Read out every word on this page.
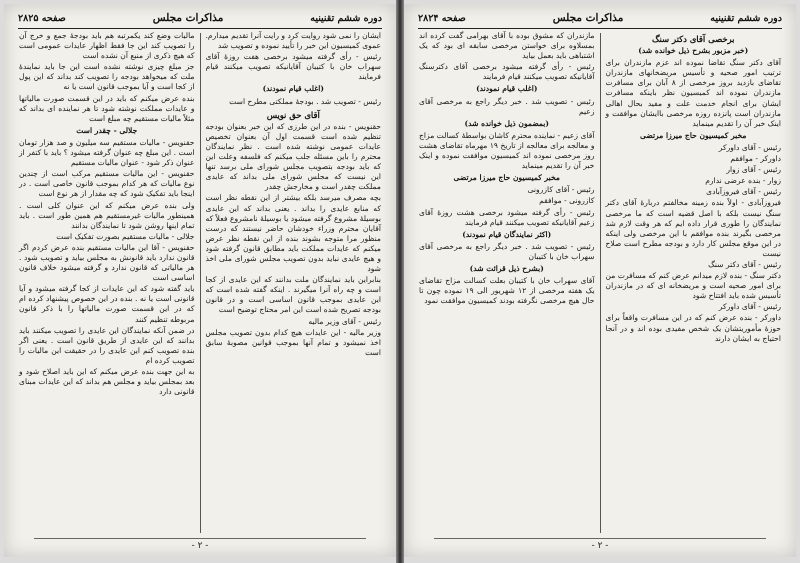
دوره ششم تقنینیه
مذاکرات مجلس
صفحه ۲۸۲۵

ایشان را نمی شود روایت کرد و رایت آنرا تقدیم میدارم. عموی کمیسیون این خبر را تأیید نموده و تصویب شد

رئیس - رأی گرفته میشود برخصی هفت روزهٔ آقای سهراب خان با کتیبان آقایانیکه تصویب میکنند قیام فرمایند

(اغلب قیام نمودند)

رئیس - تصویب شد . بودجهٔ مملکتی مطرح است

آقای حق نویس

حقنویس - بنده در این طرزی که این خبر بعنوان بودجه تنظیم شده است قسمت اول آن بعنوان تخصیص عایدات عمومی نوشته شده است . نظر نمایندگان محترم را باین مسئله جلب میکنم که فلسفه وعلت این که باید بودجه بتصویب مجلس شورای ملی برسد تنها این نیست که مجلس شورای ملی بداند که عایدی مملکت چقدر است و مخارجش چقدر

بچه مصرف میرسد بلکه بیشتر از این نقطه نظر است که منابع عایدی را بداند . یعنی بداند که این عایدی بوسیلهٔ مشروع گرفته میشود یا بوسیلهٔ نامشروع فعلاً که آقایان محترم وزراء خودشان حاضر نیستند که درست منظور مرا متوجه بشوند بنده از این نقطه نظر عرض میکنم که عایدات مملکت باید مطابق قانون گرفته شود و هیچ عایدی نباید بدون تصویب مجلس شورای ملی اخذ شود

بنابراین باید نمایندگان ملت بدانند که این عایدی از کجا است و چه راه آنرا میگیرند . اینکه گفته شده است که این عایدی بموجب قانون اساسی است و در قانون بودجه تصریح شده است این امر محتاج توضیح است

رئیس - آقای وزیر مالیه

وزیر مالیه - این عایدات هیچ کدام بدون تصویب مجلس اخذ نمیشود و تمام آنها بموجب قوانین مصوبهٔ سابق است

مالیات وضع کند یکمرتبه هم باید بودجهٔ جمع و خرج آن را تصویب کند این جا فقط اظهار عایدات عمومی است که هیچ ذکری از منبع آن نشده است

جز مبلغ چیزی نوشته نشده است این جا باید نمایندهٔ ملت که میخواهد بودجه را تصویب کند بداند که این پول از کجا است و آیا بموجب قانون است یا نه

بنده عرض میکنم که باید در این قسمت صورت مالیاتها و عایدات مملکت نوشته شود تا هر نماینده ای بداند که مثلاً مالیات مستقیم چه مبلغ است

جلالی - چقدر است

حقنویس - مالیات مستقیم سه میلیون و صد هزار تومان است . این مبلغ چه عنوان گرفته میشود ؟ باید با کتفر از عنوان ذکر شود - عنوان مالیات مستقیم

حقنویس - این مالیات مستقیم مرکب است از چندین نوع مالیات که هر کدام بموجب قانون خاصی است . در اینجا باید تفکیک شود که چه مقدار از هر نوع است

ولی بنده عرض میکنم که این عنوان کلی است . همینطور مالیات غیرمستقیم هم همین طور است . باید تمام اینها روشن شود تا نمایندگان بدانند

جلالی - مالیات مستقیم بصورت تفکیک است

حقنویس - آقا این مالیات مستقیم بنده عرض کردم اگر قانون ندارد باید قانونش به مجلس بیاید و تصویب شود . هر مالیاتی که قانون ندارد و گرفته میشود خلاف قانون اساسی است

باید گفته شود که این عایدات از کجا گرفته میشود و آیا قانونی است یا نه . بنده در این خصوص پیشنهاد کرده ام که در این قسمت صورت مالیاتها را با ذکر قانون مربوطه تنظیم کنند

در ضمن آنکه نمایندگان این عایدی را تصویب میکنند باید بدانند که این عایدی از طریق قانون است . یعنی اگر بنده تصویب کنم این عایدی را در حقیقت این مالیات را تصویب کرده ام

به این جهت بنده عرض میکنم که این باید اصلاح شود و بعد بمجلس بیاید و مجلس هم بداند که این عایدات مبنای قانونی دارد

- ۲ -
دوره ششم تقنینیه
مذاکرات مجلس
صفحه ۲۸۲۴

برخصی آقای دکتر سنگ

(خبر مزبور بشرح ذیل خوانده شد)

آقای دکتر سنگ تقاضا نموده اند عزم مازندران برای ترتیب امور صحیه و تأسیس مریضخانهای مازندران تقاضای بازدید بروز مرخصی از ۸ آبان برای مسافرت مازندران نموده اند کمیسیون نظر باینکه مسافرت ایشان برای انجام خدمت علت و مفید بحال اهالی مازندران است پانزده روزه مرخصی باایشان موافقت و اینک خبر آن را تقدیم مینماید

مخبر کمیسیون حاج میرزا مرتضی

رئیس - آقای داورکر

داورکر - موافقم

رئیس - آقای زوار

زوار - بنده عرضی ندارم

رئیس - آقای فیروزآبادی

فیروزآبادی - اولاً بنده زمینه مخالفتم دربارهٔ آقای دکتر سنگ نیست بلکه با اصل قضیه است که ما مرخصی نمایندگان را طوری قرار داده ایم که هر وقت لازم شد مرخصی بگیرند بنده موافقم با این مرخصی ولی اینکه در این موقع مجلس کار دارد و بودجه مطرح است صلاح نیست

رئیس - آقای دکتر سنگ

دکتر سنگ - بنده لازم میدانم عرض کنم که مسافرت من برای امور صحیه است و مریضخانه ای که در مازندران تأسیس شده باید افتتاح شود

رئیس - آقای داورکر

داورکر - بنده عرض کنم که در این مسافرت واقعاً برای حوزهٔ مأموریتشان یک شخص مفیدی بوده اند و در آنجا احتیاج به ایشان دارند

مازندران که مشوق بوده با آقای بهرامی گفت کرده اند بمسلاوه برای خواستن مرخصی سابقه ای بود که یک اشتباهی باید بعمل بیاید

رئیس - رأی گرفته میشود برخصی آقای دکترسنگ آقایانیکه تصویب میکنند قیام فرمایند

(اغلب قیام نمودند)

رئیس - تصویب شد . خبر دیگر راجع به مرخصی آقای زعیم

(بمضمون ذیل خوانده شد)

آقای زعیم - نماینده محترم کاشان بواسطهٔ کسالت مزاج و معالجه برای معالجه از تاریخ ۱۹ مهرماه تقاضای هشت روز مرخصی نموده اند کمیسیون موافقت نموده و اینک خبر آن را تقدیم مینماید

مخبر کمیسیون حاج میرزا مرتضی

رئیس - آقای کازرونی

کازرونی - موافقم

رئیس - رأی گرفته میشود برخصی هشت روزهٔ آقای زعیم آقایانیکه تصویب میکنند قیام فرمایند

(اکثر نمایندگان قیام نمودند)

رئیس - تصویب شد . خبر دیگر راجع به مرخصی آقای سهراب خان با کتیبان

(بشرح ذیل قرائت شد)

آقای سهراب خان با کتیبان بعلت کسالت مزاج تقاضای یک هفته مرخصی از ۱۲ شهریور الی ۱۹ نموده چون تا حال هیچ مرخصی نگرفته بودند کمیسیون موافقت نمود

- ۲ -
